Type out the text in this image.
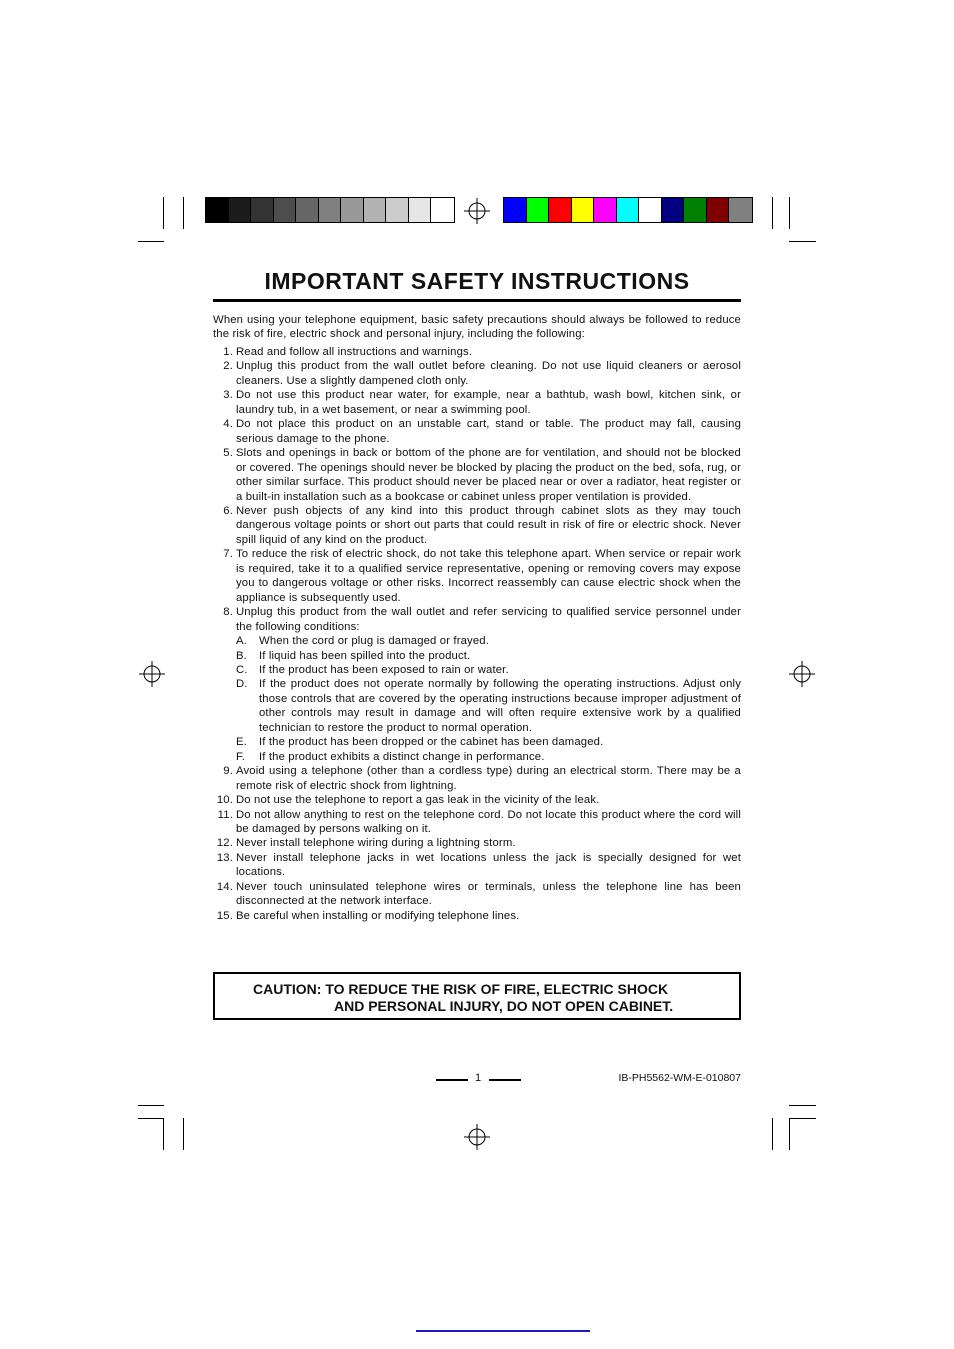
IMPORTANT SAFETY INSTRUCTIONS

When using your telephone equipment, basic safety precautions should always be followed to reduce the risk of fire, electric shock and personal injury, including the following:

1. Read and follow all instructions and warnings.
2. Unplug this product from the wall outlet before cleaning. Do not use liquid cleaners or aerosol cleaners. Use a slightly dampened cloth only.
3. Do not use this product near water, for example, near a bathtub, wash bowl, kitchen sink, or laundry tub, in a wet basement, or near a swimming pool.
4. Do not place this product on an unstable cart, stand or table. The product may fall, causing serious damage to the phone.
5. Slots and openings in back or bottom of the phone are for ventilation, and should not be blocked or covered. The openings should never be blocked by placing the product on the bed, sofa, rug, or other similar surface. This product should never be placed near or over a radiator, heat register or a built-in installation such as a bookcase or cabinet unless proper ventilation is provided.
6. Never push objects of any kind into this product through cabinet slots as they may touch dangerous voltage points or short out parts that could result in risk of fire or electric shock. Never spill liquid of any kind on the product.
7. To reduce the risk of electric shock, do not take this telephone apart. When service or repair work is required, take it to a qualified service representative, opening or removing covers may expose you to dangerous voltage or other risks. Incorrect reassembly can cause electric shock when the appliance is subsequently used.
8. Unplug this product from the wall outlet and refer servicing to qualified service personnel under the following conditions:
A.	When the cord or plug is damaged or frayed.
B.	If liquid has been spilled into the product.
C.	If the product has been exposed to rain or water.
D.	If the product does not operate normally by following the operating instructions. Adjust only those controls that are covered by the operating instructions because improper adjustment of other controls may result in damage and will often require extensive work by a qualified technician to restore the product to normal operation.
E.	If the product has been dropped or the cabinet has been damaged.
F.	If the product exhibits a distinct change in performance.
9. Avoid using a telephone (other than a cordless type) during an electrical storm. There may be a remote risk of electric shock from lightning.
10. Do not use the telephone to report a gas leak in the vicinity of the leak.
11. Do not allow anything to rest on the telephone cord. Do not locate this product where the cord will be damaged by persons walking on it.
12. Never install telephone wiring during a lightning storm.
13. Never install telephone jacks in wet locations unless the jack is specially designed for wet locations.
14. Never touch uninsulated telephone wires or terminals, unless the telephone line has been disconnected at the network interface.
15. Be careful when installing or modifying telephone lines.
CAUTION: TO REDUCE THE RISK OF FIRE, ELECTRIC SHOCK
AND PERSONAL INJURY, DO NOT OPEN CABINET.
1	IB-PH5562-WM-E-010807
